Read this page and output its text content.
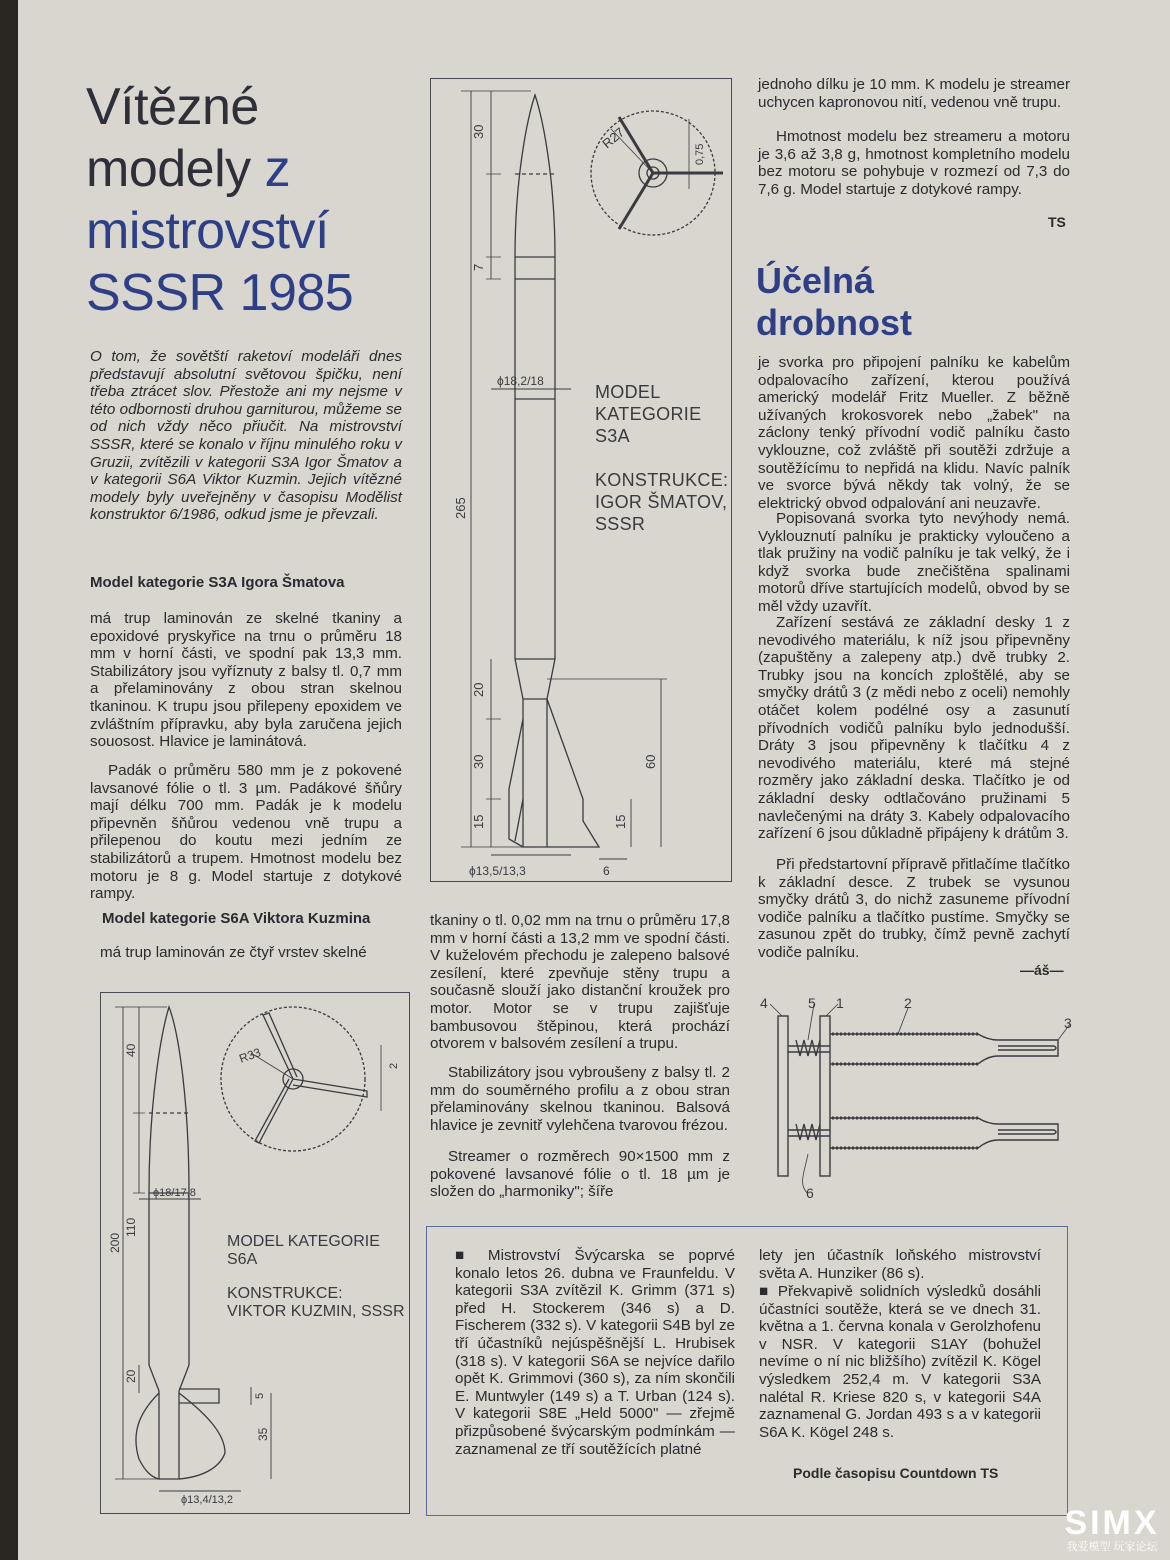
Vítězné
modely z
mistrovství
SSSR 1985

O tom, že sovětští raketoví modeláři dnes představují absolutní světovou špičku, není třeba ztrácet slov. Přestože ani my nejsme v této odbornosti druhou garniturou, můžeme se od nich vždy něco přiučit. Na mistrovství SSSR, které se konalo v říjnu minulého roku v Gruzii, zvítězili v kategorii S3A Igor Šmatov a v kategorii S6A Viktor Kuzmin. Jejich vítězné modely byly uveřejněny v časopisu Modělist konstruktor 6/1986, odkud jsme je převzali.

Model kategorie S3A Igora Šmatova

má trup laminován ze skelné tkaniny a epoxidové pryskyřice na trnu o průměru 18 mm v horní části, ve spodní pak 13,3 mm. Stabilizátory jsou vyříznuty z balsy tl. 0,7 mm a přelaminovány z obou stran skelnou tkaninou. K trupu jsou přilepeny epoxidem ve zvláštním přípravku, aby byla zaručena jejich souosost. Hlavice je laminátová.

Padák o průměru 580 mm je z pokovené lavsanové fólie o tl. 3 µm. Padákové šňůry mají délku 700 mm. Padák je k modelu připevněn šňůrou vedenou vně trupu a přilepenou do koutu mezi jedním ze stabilizátorů a trupem. Hmotnost modelu bez motoru je 8 g. Model startuje z dotykové rampy.

Model kategorie S6A Viktora Kuzmina

má trup laminován ze čtyř vrstev skelné

30
7
265
ϕ18,2/18
20
30
15
60
15
6
ϕ13,5/13,3
R27
0,75
MODEL
KATEGORIE S3A
KONSTRUKCE:
IGOR ŠMATOV,
SSSR

tkaniny o tl. 0,02 mm na trnu o průměru 17,8 mm v horní části a 13,2 mm ve spodní části. V kuželovém přechodu je zalepeno balsové zesílení, které zpevňuje stěny trupu a současně slouží jako distanční kroužek pro motor. Motor se v trupu zajišťuje bambusovou štěpinou, která prochází otvorem v balsovém zesílení a trupu.

Stabilizátory jsou vybroušeny z balsy tl. 2 mm do souměrného profilu a z obou stran přelaminovány skelnou tkaninou. Balsová hlavice je zevnitř vylehčena tvarovou frézou.

Streamer o rozměrech 90×1500 mm z pokovené lavsanové fólie o tl. 18 µm je složen do „harmoniky"; šíře

40
200
110
20
35
5
ϕ18/17,8
ϕ13,4/13,2
R33
2
MODEL KATEGORIE S6A
KONSTRUKCE:
VIKTOR KUZMIN, SSSR

jednoho dílku je 10 mm. K modelu je streamer uchycen kapronovou nití, vedenou vně trupu.

Hmotnost modelu bez streameru a motoru je 3,6 až 3,8 g, hmotnost kompletního modelu bez motoru se pohybuje v rozmezí od 7,3 do 7,6 g. Model startuje z dotykové rampy.

TS
Účelná
drobnost

je svorka pro připojení palníku ke kabelům odpalovacího zařízení, kterou používá americký modelář Fritz Mueller. Z běžně užívaných krokosvorek nebo „žabek" na záclony tenký přívodní vodič palníku často vyklouzne, což zvláště při soutěži zdržuje a soutěžícímu to nepřidá na klidu. Navíc palník ve svorce bývá někdy tak volný, že se elektrický obvod odpalování ani neuzavře.

Popisovaná svorka tyto nevýhody nemá. Vyklouznutí palníku je prakticky vyloučeno a tlak pružiny na vodič palníku je tak velký, že i když svorka bude znečištěna spalinami motorů dříve startujících modelů, obvod by se měl vždy uzavřít.

Zařízení sestává ze základní desky 1 z nevodivého materiálu, k níž jsou připevněny (zapuštěny a zalepeny atp.) dvě trubky 2. Trubky jsou na koncích zploštělé, aby se smyčky drátů 3 (z mědi nebo z oceli) nemohly otáčet kolem podélné osy a zasunutí přívodních vodičů palníku bylo jednodušší. Dráty 3 jsou připevněny k tlačítku 4 z nevodivého materiálu, které má stejné rozměry jako základní deska. Tlačítko je od základní desky odtlačováno pružinami 5 navlečenými na dráty 3. Kabely odpalovacího zařízení 6 jsou důkladně připájeny k drátům 3.

Při předstartovní přípravě přitlačíme tlačítko k základní desce. Z trubek se vysunou smyčky drátů 3, do nichž zasuneme přívodní vodiče palníku a tlačítko pustíme. Smyčky se zasunou zpět do trubky, čímž pevně zachytí vodiče palníku.

—áš—
4	5 1	2
3
6

■ Mistrovství Švýcarska se poprvé konalo letos 26. dubna ve Fraunfeldu. V kategorii S3A zvítězil K. Grimm (371 s) před H. Stockerem (346 s) a D. Fischerem (332 s). V kategorii S4B byl ze tří účastníků nejúspěšnější L. Hrubisek (318 s). V kategorii S6A se nejvíce dařilo opět K. Grimmovi (360 s), za ním skončili E. Muntwyler (149 s) a T. Urban (124 s). V kategorii S8E „Held 5000" — zřejmě přizpůsobené švýcarským podmínkám — zaznamenal ze tří soutěžících platné

lety jen účastník loňského mistrovství světa A. Hunziker (86 s).

■ Překvapivě solidních výsledků dosáhli účastníci soutěže, která se ve dnech 31. května a 1. června konala v Gerolzhofenu v NSR. V kategorii S1AY (bohužel nevíme o ní nic bližšího) zvítězil K. Kögel výsledkem 252,4 m. V kategorii S3A nalétal R. Kriese 820 s, v kategorii S4A zaznamenal G. Jordan 493 s a v kategorii S6A K. Kögel 248 s.

Podle časopisu Countdown TS
SIMX
我爱模型 玩家论坛
